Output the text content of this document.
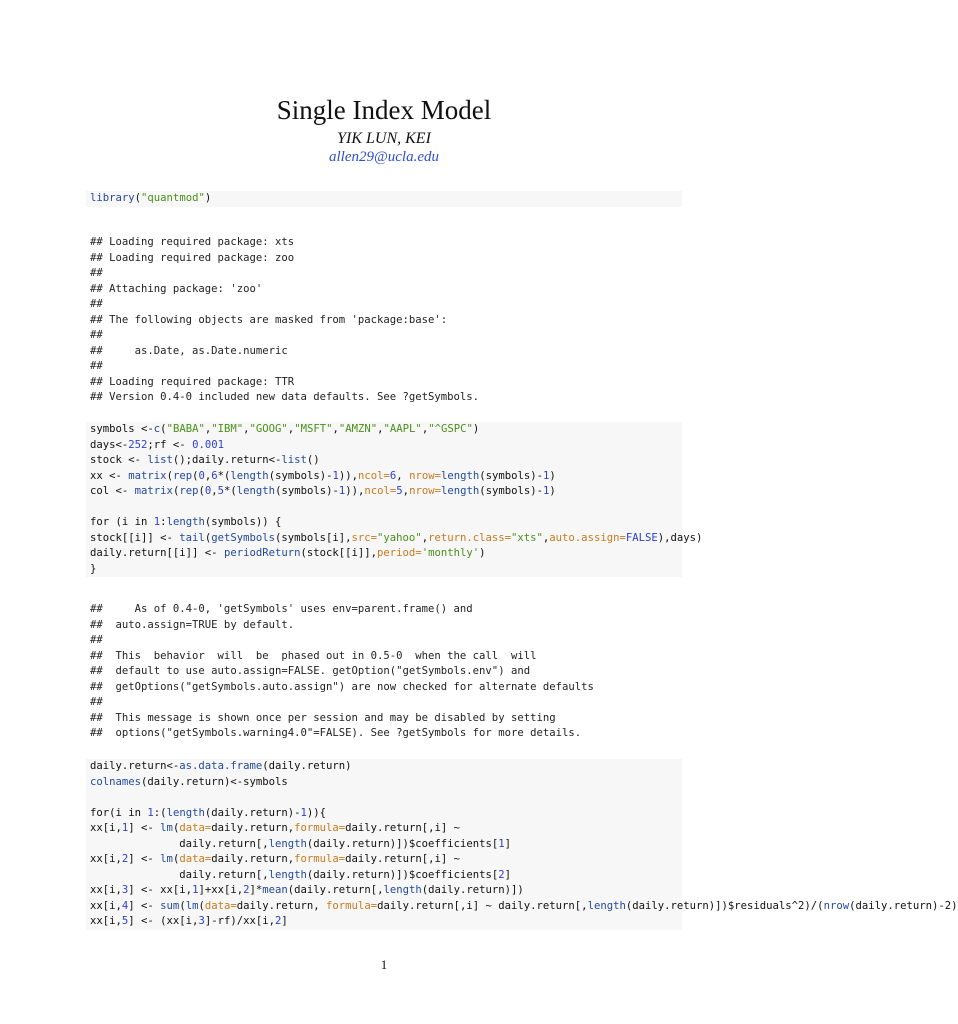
Single Index Model
YIK LUN, KEI
allen29@ucla.edu
library("quantmod")
## Loading required package: xts
## Loading required package: zoo
##
## Attaching package: 'zoo'
##
## The following objects are masked from 'package:base':
##
##     as.Date, as.Date.numeric
##
## Loading required package: TTR
## Version 0.4-0 included new data defaults. See ?getSymbols.
symbols <-c("BABA","IBM","GOOG","MSFT","AMZN","AAPL","^GSPC")
days<-252;rf <- 0.001
stock <- list();daily.return<-list()
xx <- matrix(rep(0,6*(length(symbols)-1)),ncol=6, nrow=length(symbols)-1)
col <- matrix(rep(0,5*(length(symbols)-1)),ncol=5,nrow=length(symbols)-1)
for (i in 1:length(symbols)) {
stock[[i]] <- tail(getSymbols(symbols[i],src="yahoo",return.class="xts",auto.assign=FALSE),days)
daily.return[[i]] <- periodReturn(stock[[i]],period='monthly')
}
##     As of 0.4-0, 'getSymbols' uses env=parent.frame() and
##  auto.assign=TRUE by default.
##
##  This  behavior  will  be  phased out in 0.5-0  when the call  will
##  default to use auto.assign=FALSE. getOption("getSymbols.env") and
##  getOptions("getSymbols.auto.assign") are now checked for alternate defaults
##
##  This message is shown once per session and may be disabled by setting
##  options("getSymbols.warning4.0"=FALSE). See ?getSymbols for more details.
daily.return<-as.data.frame(daily.return)
colnames(daily.return)<-symbols
for(i in 1:(length(daily.return)-1)){
xx[i,1] <- lm(data=daily.return,formula=daily.return[,i] ~
daily.return[,length(daily.return)])$coefficients[1]
xx[i,2] <- lm(data=daily.return,formula=daily.return[,i] ~
daily.return[,length(daily.return)])$coefficients[2]
xx[i,3] <- xx[i,1]+xx[i,2]*mean(daily.return[,length(daily.return)])
xx[i,4] <- sum(lm(data=daily.return, formula=daily.return[,i] ~ daily.return[,length(daily.return)])$residuals^2)/(nrow(daily.return)-2)
xx[i,5] <- (xx[i,3]-rf)/xx[i,2]
1
